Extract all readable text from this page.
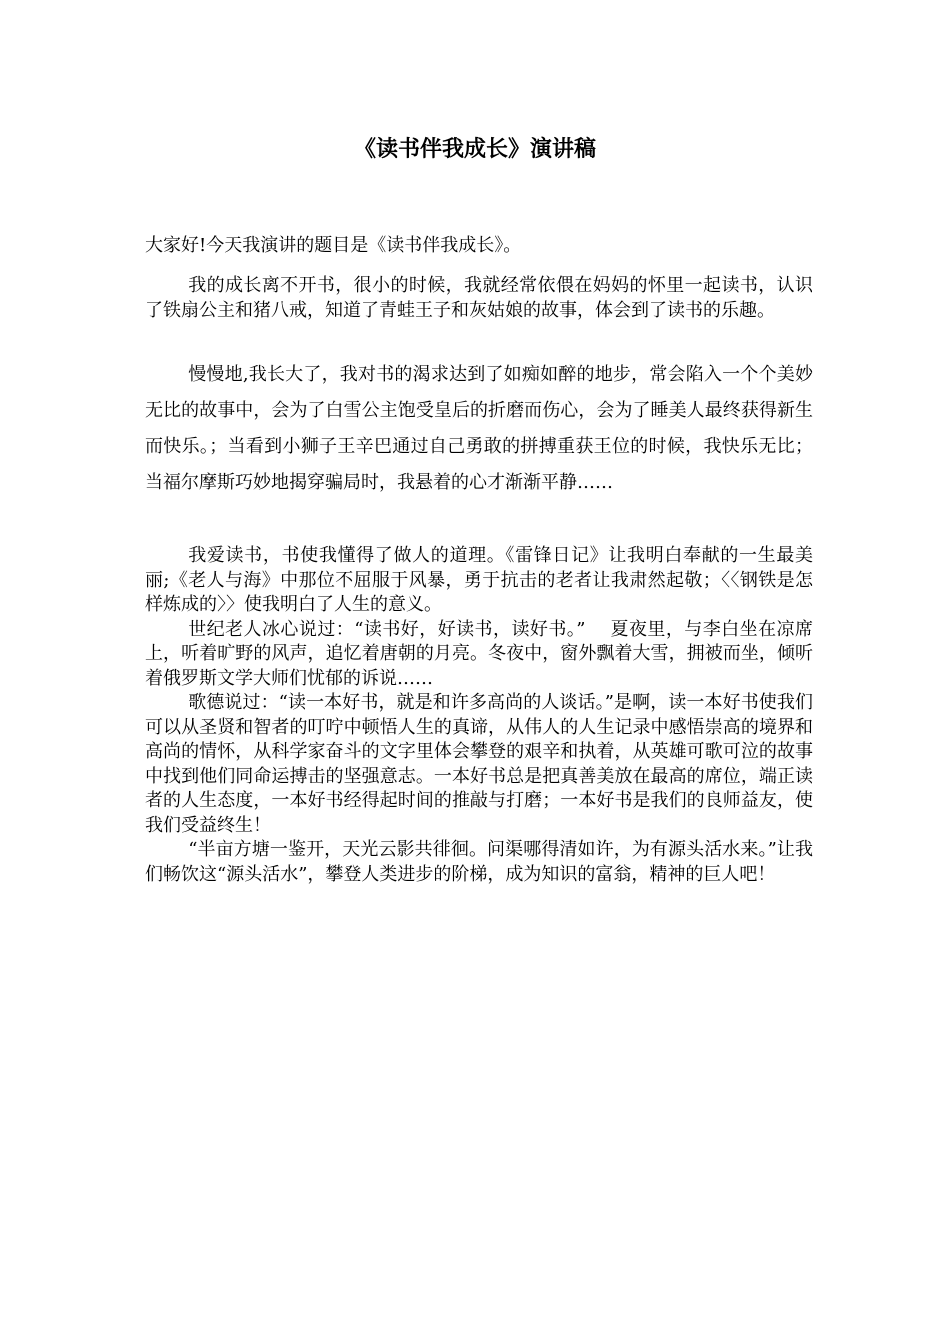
《读书伴我成长》演讲稿

大家好!今天我演讲的题目是《读书伴我成长》。

我的成长离不开书，很小的时候，我就经常依偎在妈妈的怀里一起读书，认识了铁扇公主和猪八戒，知道了青蛙王子和灰姑娘的故事，体会到了读书的乐趣。

慢慢地,我长大了，我对书的渴求达到了如痴如醉的地步，常会陷入一个个美妙无比的故事中，会为了白雪公主饱受皇后的折磨而伤心，会为了睡美人最终获得新生而快乐。；当看到小狮子王辛巴通过自己勇敢的拼搏重获王位的时候，我快乐无比；当福尔摩斯巧妙地揭穿骗局时，我悬着的心才渐渐平静……

我爱读书，书使我懂得了做人的道理。《雷锋日记》让我明白奉献的一生最美丽;《老人与海》中那位不屈服于风暴，勇于抗击的老者让我肃然起敬；〈〈钢铁是怎样炼成的〉〉使我明白了人生的意义。

世纪老人冰心说过：“读书好，好读书，读好书。”　 夏夜里，与李白坐在凉席上，听着旷野的风声，追忆着唐朝的月亮。冬夜中，窗外飘着大雪，拥被而坐，倾听着俄罗斯文学大师们忧郁的诉说……

歌德说过：“读一本好书，就是和许多高尚的人谈话。”是啊，读一本好书使我们可以从圣贤和智者的叮咛中顿悟人生的真谛，从伟人的人生记录中感悟崇高的境界和高尚的情怀，从科学家奋斗的文字里体会攀登的艰辛和执着，从英雄可歌可泣的故事中找到他们同命运搏击的坚强意志。一本好书总是把真善美放在最高的席位，端正读者的人生态度，一本好书经得起时间的推敲与打磨；一本好书是我们的良师益友，使我们受益终生！

“半亩方塘一鉴开，天光云影共徘徊。问渠哪得清如许，为有源头活水来。”让我们畅饮这“源头活水”，攀登人类进步的阶梯，成为知识的富翁，精神的巨人吧！
